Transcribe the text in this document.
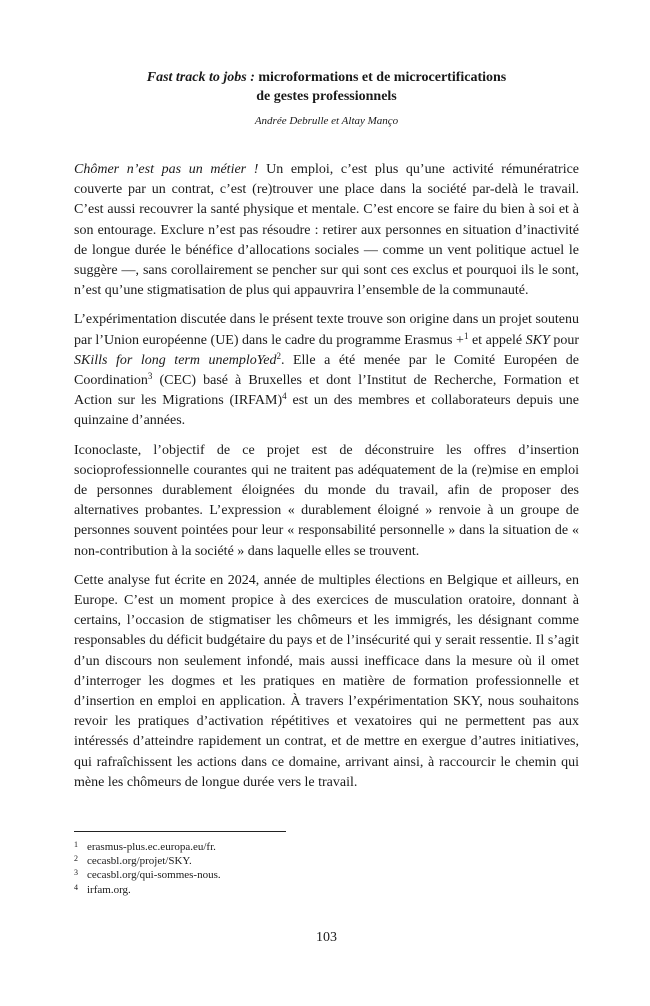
Fast track to jobs : microformations et de microcertifications
de gestes professionnels
Andrée Debrulle et Altay Manço

Chômer n’est pas un métier ! Un emploi, c’est plus qu’une activité rémunératrice couverte par un contrat, c’est (re)trouver une place dans la société par-delà le travail. C’est aussi recouvrer la santé physique et mentale. C’est encore se faire du bien à soi et à son entourage. Exclure n’est pas résoudre : retirer aux personnes en situation d’inactivité de longue durée le bénéfice d’allocations sociales — comme un vent politique actuel le suggère —, sans corollairement se pencher sur qui sont ces exclus et pourquoi ils le sont, n’est qu’une stigmatisation de plus qui appauvrira l’ensemble de la communauté.

L’expérimentation discutée dans le présent texte trouve son origine dans un projet soutenu par l’Union européenne (UE) dans le cadre du programme Erasmus +$^1$ et appelé SKY pour SKills for long term unemploYed$^2$. Elle a été menée par le Comité Européen de Coordination$^3$ (CEC) basé à Bruxelles et dont l’Institut de Recherche, Formation et Action sur les Migrations (IRFAM)$^4$ est un des membres et collaborateurs depuis une quinzaine d’années.

Iconoclaste, l’objectif de ce projet est de déconstruire les offres d’insertion socioprofessionnelle courantes qui ne traitent pas adéquatement de la (re)mise en emploi de personnes durablement éloignées du monde du travail, afin de proposer des alternatives probantes. L’expression « durablement éloigné » renvoie à un groupe de personnes souvent pointées pour leur « responsabilité personnelle » dans la situation de « non-contribution à la société » dans laquelle elles se trouvent.

Cette analyse fut écrite en 2024, année de multiples élections en Belgique et ailleurs, en Europe. C’est un moment propice à des exercices de musculation oratoire, donnant à certains, l’occasion de stigmatiser les chômeurs et les immigrés, les désignant comme responsables du déficit budgétaire du pays et de l’insécurité qui y serait ressentie. Il s’agit d’un discours non seulement infondé, mais aussi inefficace dans la mesure où il omet d’interroger les dogmes et les pratiques en matière de formation professionnelle et d’insertion en emploi en application. À travers l’expérimentation SKY, nous souhaitons revoir les pratiques d’activation répétitives et vexatoires qui ne permettent pas aux intéressés d’atteindre rapidement un contrat, et de mettre en exergue d’autres initiatives, qui rafraîchissent les actions dans ce domaine, arrivant ainsi, à raccourcir le chemin qui mène les chômeurs de longue durée vers le travail.

1 erasmus-plus.ec.europa.eu/fr.
2 cecasbl.org/projet/SKY.
3 cecasbl.org/qui-sommes-nous.
4 irfam.org.
103
